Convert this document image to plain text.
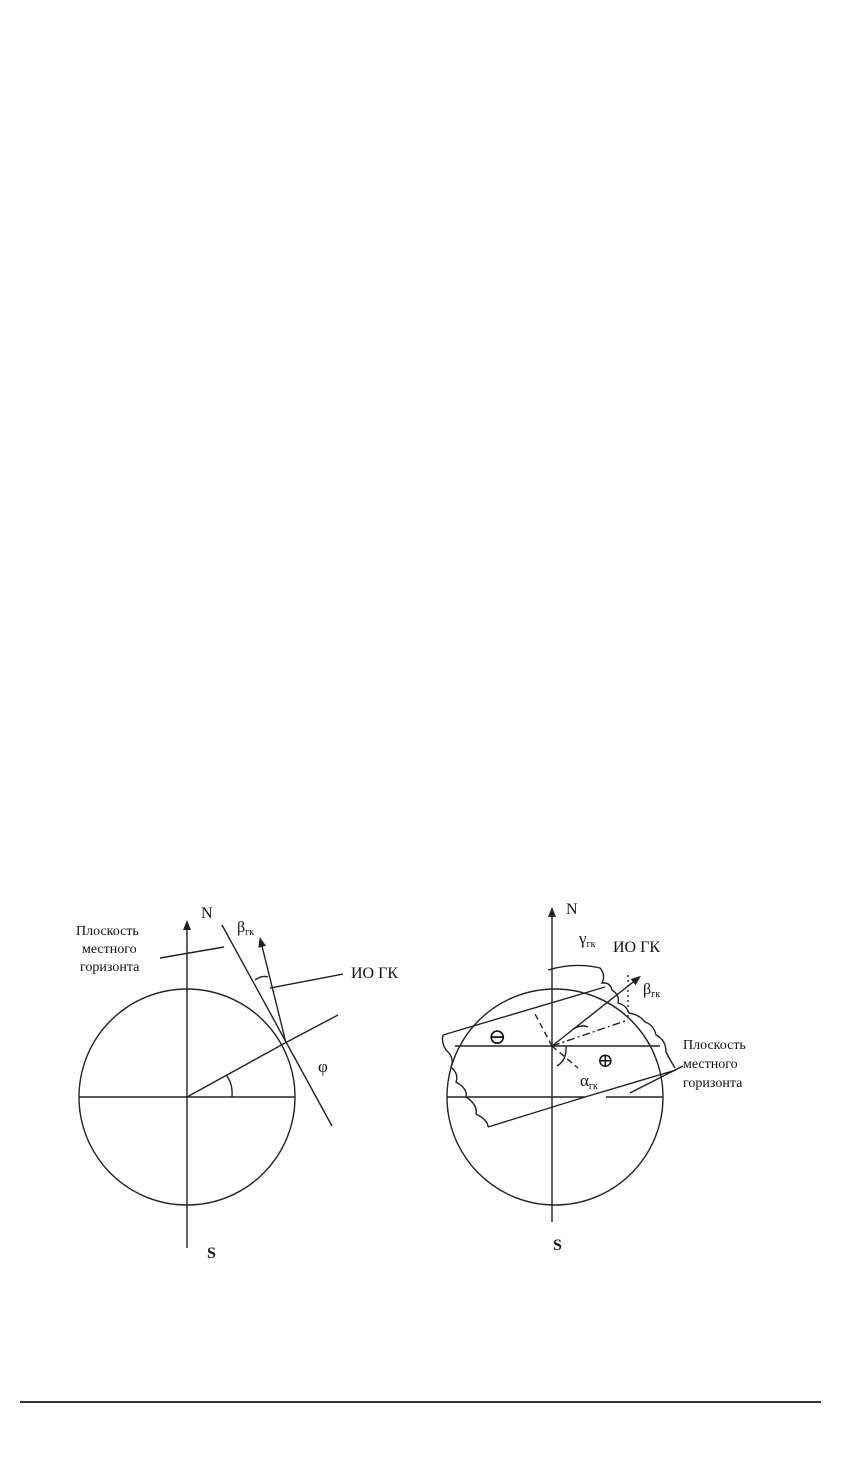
N
S
Плоскость
местного
горизонта
βгк
ИО ГК
φ
N
S
γгк ИО ГК
βгк
⊖
⊕
αгк
Плоскость
местного
горизонта
